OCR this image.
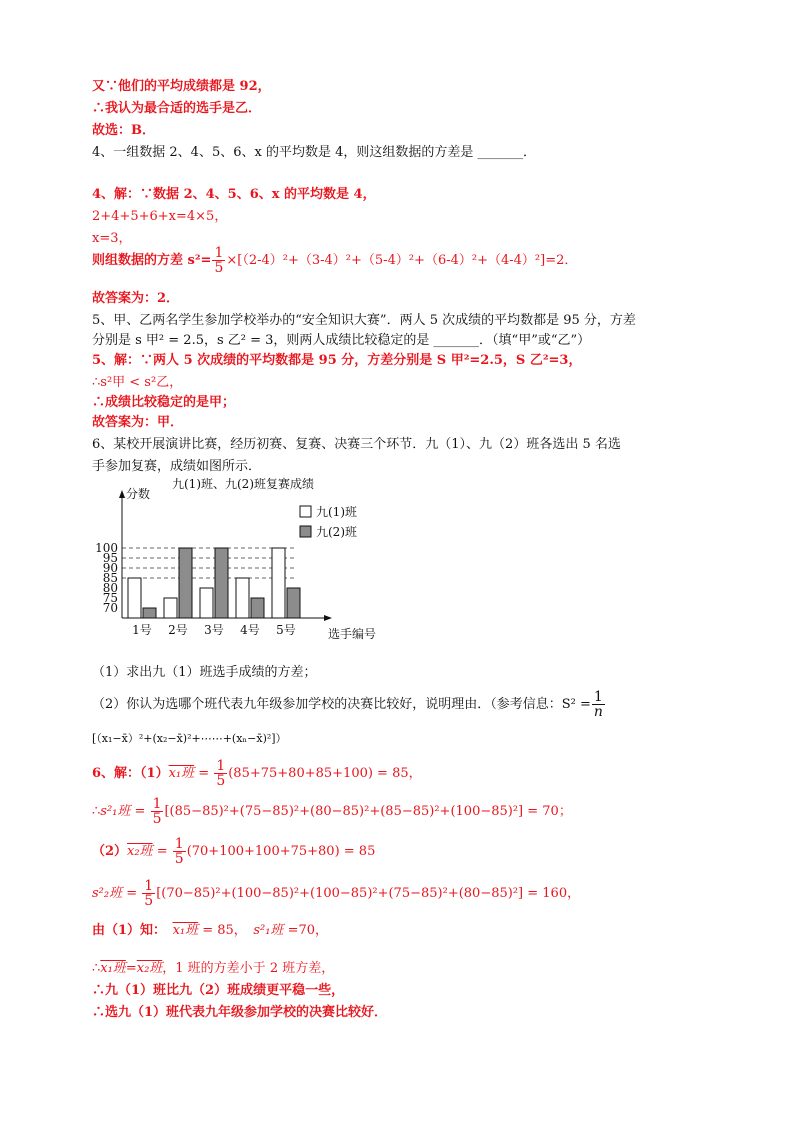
又∵他们的平均成绩都是 92，
∴我认为最合适的选手是乙．
故选：B．
4、一组数据 2、4、5、6、x 的平均数是 4，则这组数据的方差是 _______．
4、解：∵数据 2、4、5、6、x 的平均数是 4，
2+4+5+6+x=4×5，
x=3，
则组数据的方差 $s^2= \frac{1}{5} \times[(2-4)^2+(3-4)^2+(5-4)^2+(6-4)^2+(4-4)^2]=2$．
故答案为：2．
5、甲、乙两名学生参加学校举办的“安全知识大赛”．两人 5 次成绩的平均数都是 95 分，方差
分别是 s 甲² = 2.5，s 乙² = 3，则两人成绩比较稳定的是 _______．（填“甲”或“乙”）
5、解：∵两人 5 次成绩的平均数都是 95 分，方差分别是 S 甲²=2.5，S 乙²=3，
∴s²甲 < s²乙，
∴成绩比较稳定的是甲；
故答案为：甲．
6、某校开展演讲比赛，经历初赛、复赛、决赛三个环节．九（1）、九（2）班各选出 5 名选
手参加复赛，成绩如图所示．
九(1)班、九(2)班复赛成绩
分数
选手编号
70
75
80
85
90
95
100
1号 2号 3号 4号 5号
九(1)班
九(2)班
（1）求出九（1）班选手成绩的方差；
（2）你认为选哪个班代表九年级参加学校的决赛比较好，说明理由．（参考信息：$S^2 = \frac{1}{n}$
[（x₁−x̄）²+(x₂−x̄)²+⋯⋯+(xₙ−x̄)²]）
6、解：（1）x₁班 = $\frac{1}{5} (85+75+80+85+100) = 85$，
∴s²₁班 = $\frac{1}{5} [(85-85)^2+(75-85)^2+(80-85)^2+(85-85)^2+(100-85)^2] = 70$；
（2）x₂班 = $\frac{1}{5} (70+100+100+75+80) = 85$
s²₂班 = $\frac{1}{5} [(70-85)^2+(100-85)^2+(100-85)^2+(75-85)^2+(80-85)^2] = 160$，
由（1）知：　 x₁班 = 85，　 s²₁班 =70，
∴x₁班=x₂班，1 班的方差小于 2 班方差，
∴九（1）班比九（2）班成绩更平稳一些，
∴选九（1）班代表九年级参加学校的决赛比较好．
